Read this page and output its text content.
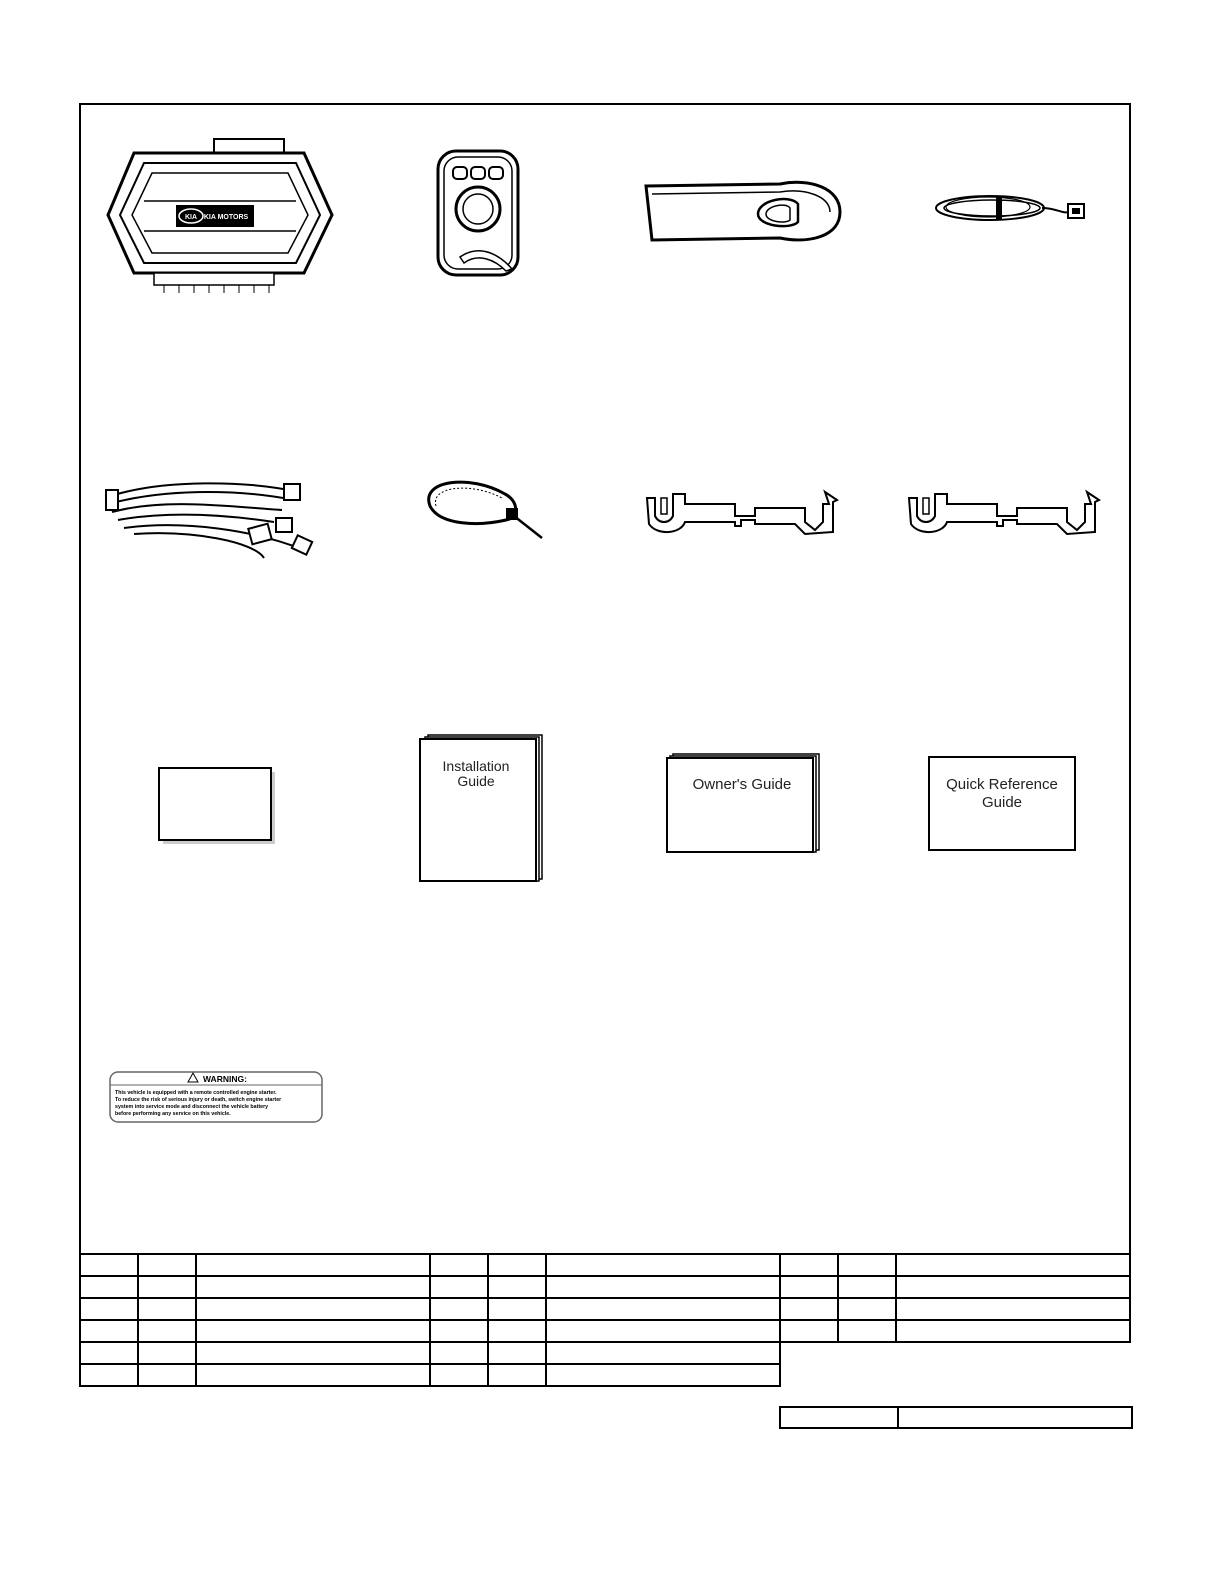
KIA KIA MOTORS
Installation
Guide	Owner's Guide	Quick Reference
Guide
WARNING:
This vehicle is equipped with a remote controlled engine starter.
To reduce the risk of serious injury or death, switch engine starter
system into service mode and disconnect the vehicle battery
before performing any service on this vehicle.
